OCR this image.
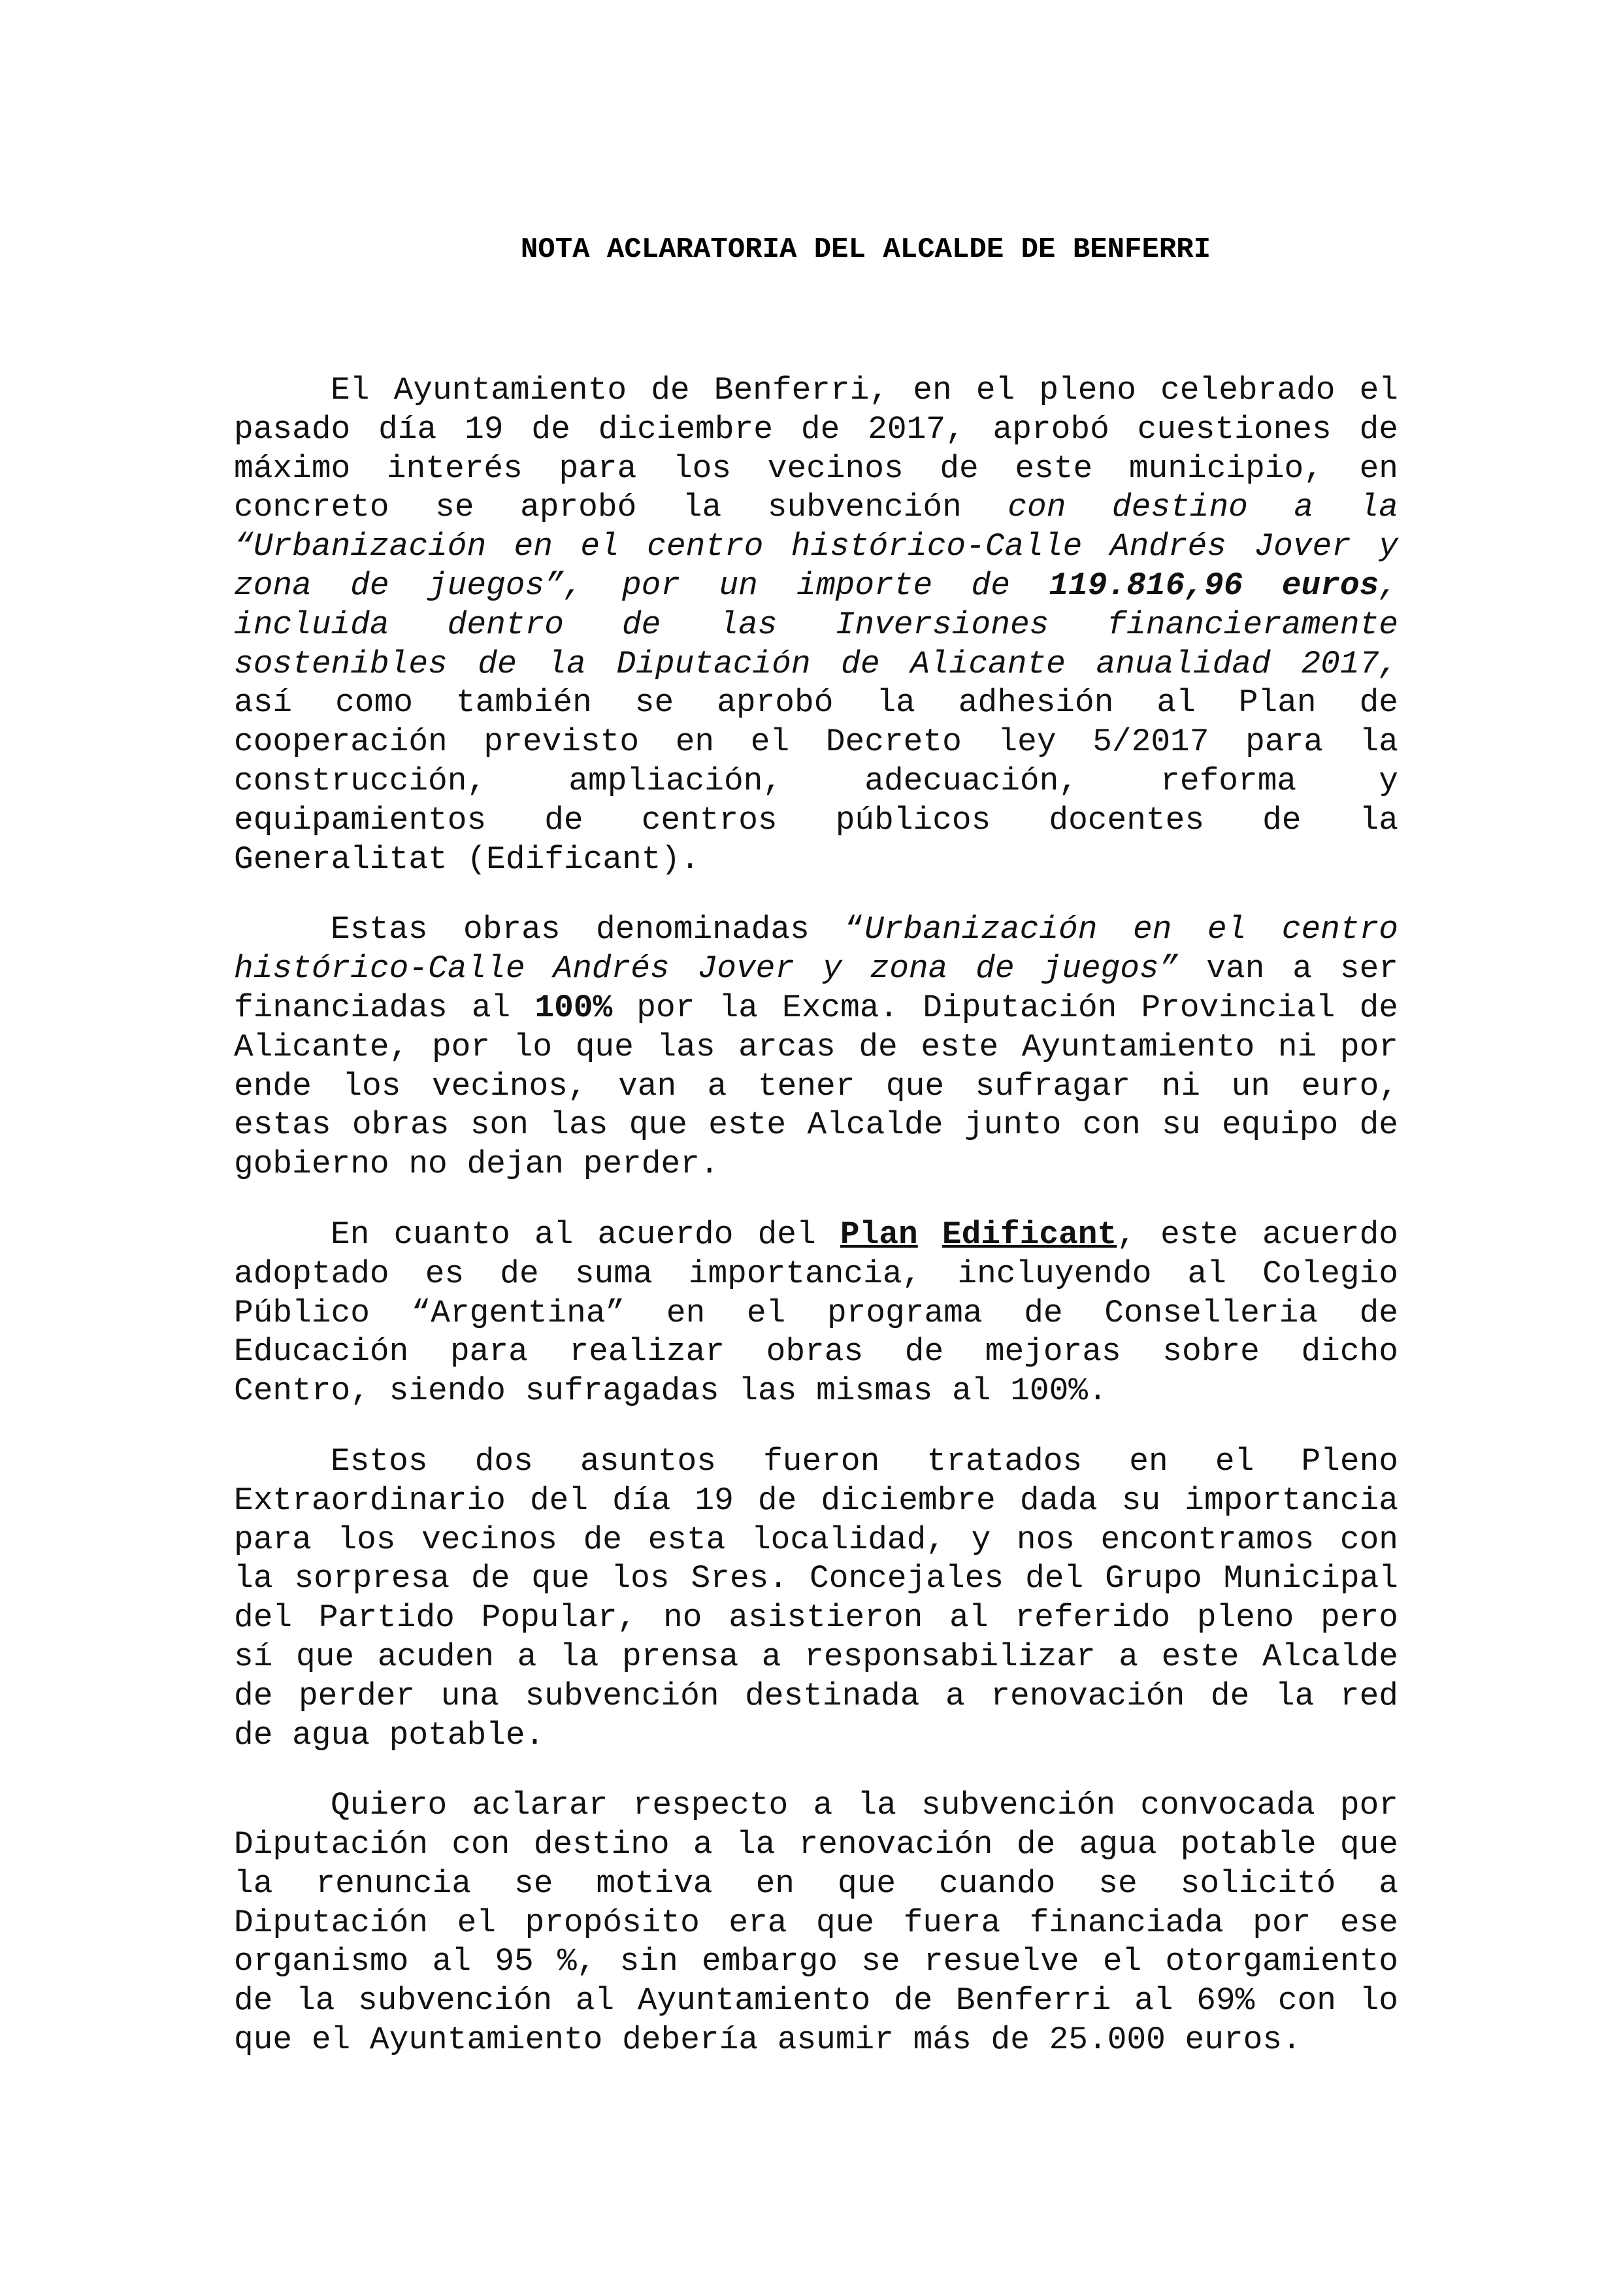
NOTA ACLARATORIA DEL ALCALDE DE BENFERRI

El Ayuntamiento de Benferri, en el pleno celebrado el pasado día 19 de diciembre de 2017, aprobó cuestiones de máximo interés para los vecinos de este municipio, en concreto se aprobó la subvención con destino a la “Urbanización en el centro histórico-Calle Andrés Jover y zona de juegos”, por un importe de 119.816,96 euros, incluida dentro de las Inversiones financieramente sostenibles de la Diputación de Alicante anualidad 2017, así como también se aprobó la adhesión al Plan de cooperación previsto en el Decreto ley 5/2017 para la construcción, ampliación, adecuación, reforma y equipamientos de centros públicos docentes de la Generalitat (Edificant).

Estas obras denominadas “Urbanización en el centro histórico-Calle Andrés Jover y zona de juegos” van a ser financiadas al 100% por la Excma. Diputación Provincial de Alicante, por lo que las arcas de este Ayuntamiento ni por ende los vecinos, van a tener que sufragar ni un euro, estas obras son las que este Alcalde junto con su equipo de gobierno no dejan perder.

En cuanto al acuerdo del Plan Edificant, este acuerdo adoptado es de suma importancia, incluyendo al Colegio Público “Argentina” en el programa de Conselleria de Educación para realizar obras de mejoras sobre dicho Centro, siendo sufragadas las mismas al 100%.

Estos dos asuntos fueron tratados en el Pleno Extraordinario del día 19 de diciembre dada su importancia para los vecinos de esta localidad, y nos encontramos con la sorpresa de que los Sres. Concejales del Grupo Municipal del Partido Popular, no asistieron al referido pleno pero sí que acuden a la prensa a responsabilizar a este Alcalde de perder una subvención destinada a renovación de la red de agua potable.

Quiero aclarar respecto a la subvención convocada por Diputación con destino a la renovación de agua potable que la renuncia se motiva en que cuando se solicitó a Diputación el propósito era que fuera financiada por ese organismo al 95 %, sin embargo se resuelve el otorgamiento de la subvención al Ayuntamiento de Benferri al 69% con lo que el Ayuntamiento debería asumir más de 25.000 euros.
